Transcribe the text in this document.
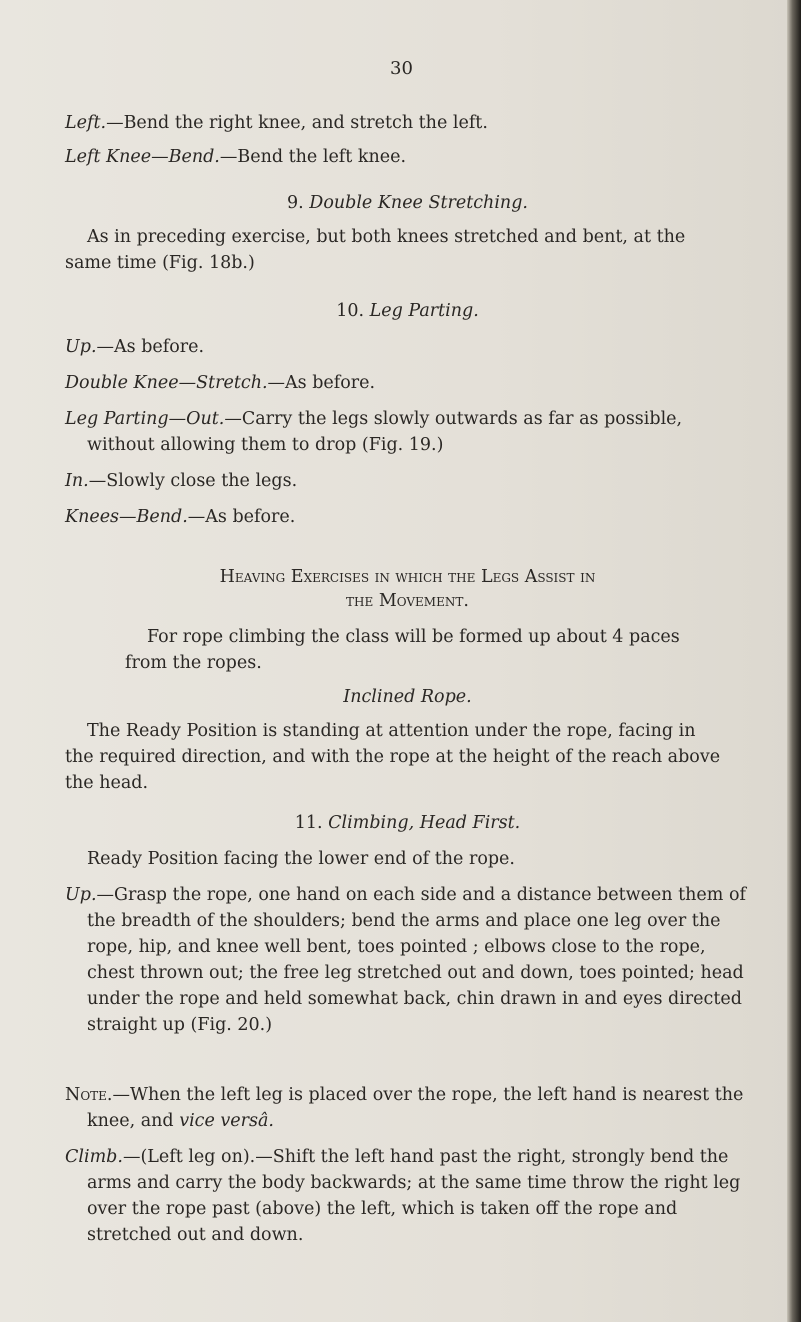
30

Left.—Bend the right knee, and stretch the left.

Left Knee—Bend.—Bend the left knee.

9. Double Knee Stretching.

As in preceding exercise, but both knees stretched and bent, at the same time (Fig. 18b.)

10. Leg Parting.

Up.—As before.

Double Knee—Stretch.—As before.

Leg Parting—Out.—Carry the legs slowly outwards as far as possible, without allowing them to drop (Fig. 19.)

In.—Slowly close the legs.

Knees—Bend.—As before.

Heaving Exercises in which the Legs Assist in

the Movement.

For rope climbing the class will be formed up about 4 paces from the ropes.

Inclined Rope.

The Ready Position is standing at attention under the rope, facing in the required direction, and with the rope at the height of the reach above the head.

11. Climbing, Head First.

Ready Position facing the lower end of the rope.

Up.—Grasp the rope, one hand on each side and a distance between them of the breadth of the shoulders; bend the arms and place one leg over the rope, hip, and knee well bent, toes pointed ; elbows close to the rope, chest thrown out; the free leg stretched out and down, toes pointed; head under the rope and held somewhat back, chin drawn in and eyes directed straight up (Fig. 20.)

Note.—When the left leg is placed over the rope, the left hand is nearest the knee, and vice versâ.

Climb.—(Left leg on).—Shift the left hand past the right, strongly bend the arms and carry the body backwards; at the same time throw the right leg over the rope past (above) the left, which is taken off the rope and stretched out and down.
